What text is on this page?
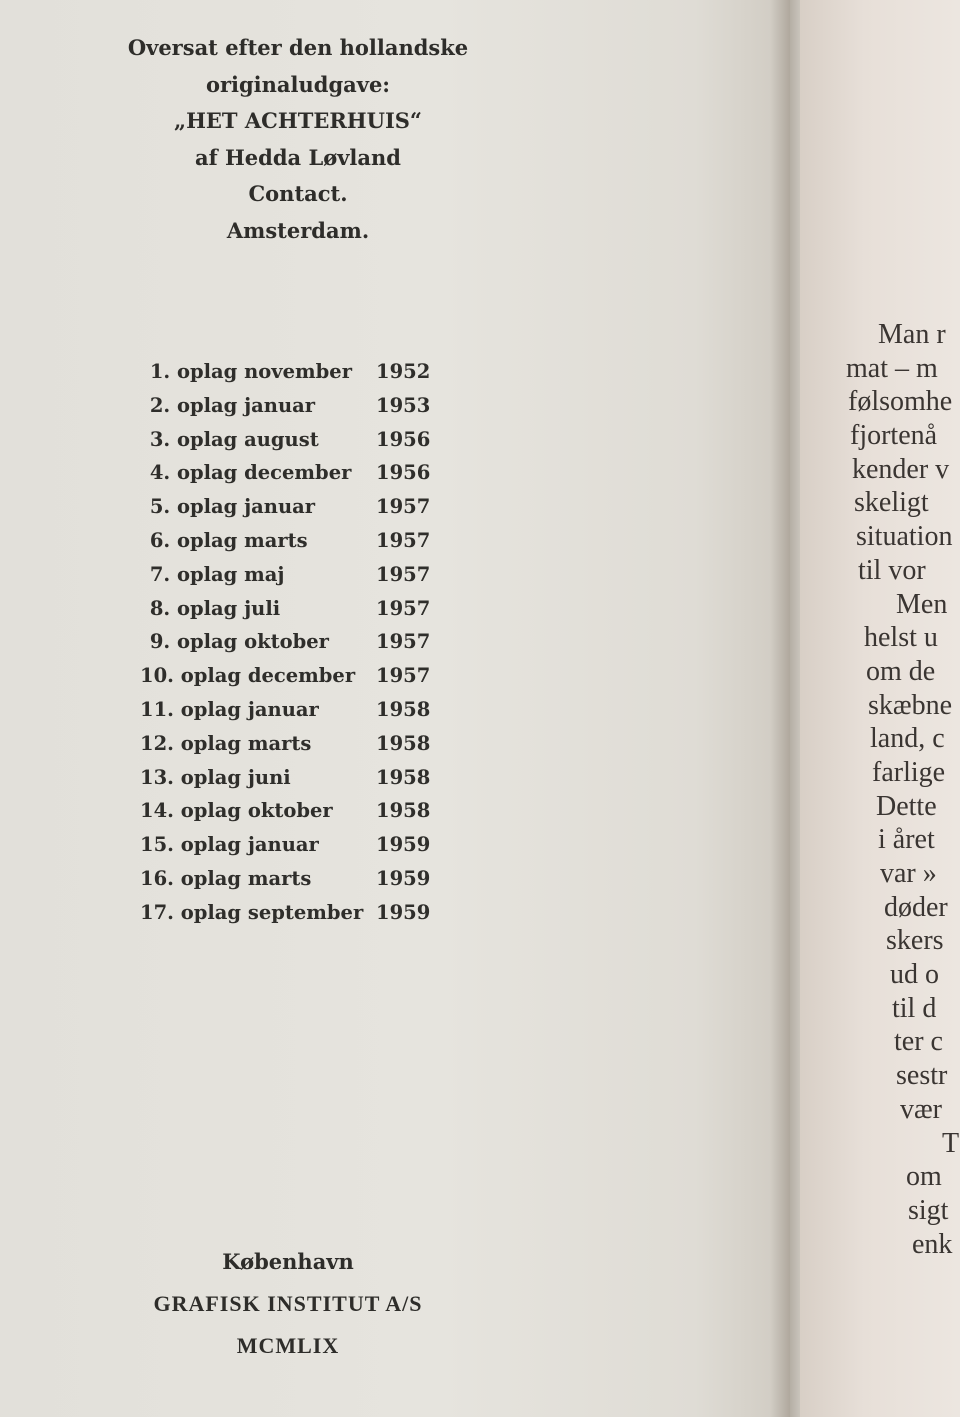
Oversat efter den hollandske
originaludgave:
„HET ACHTERHUIS“
af Hedda Løvland
Contact.
Amsterdam.
1. oplag november 1952
2. oplag januar	1953
3. oplag august	1956
4. oplag december 1956
5. oplag januar	1957
6. oplag marts	1957
7. oplag maj	1957
8. oplag juli	1957
9. oplag oktober	1957
10. oplag december 1957
11. oplag januar	1958
12. oplag marts	1958
13. oplag juni	1958
14. oplag oktober	1958
15. oplag januar	1959
16. oplag marts	1959
17. oplag september 1959
København
GRAFISK INSTITUT A/S
MCMLIX
Man r
mat – m
følsomhe
fjortenå
kender v
skeligt
situation
til vor
Men
helst u
om de
skæbne
land, c
farlige
Dette
i året
var »
døder
skers
ud o
til d
ter c
sestr
vær
T
om
sigt
enk
